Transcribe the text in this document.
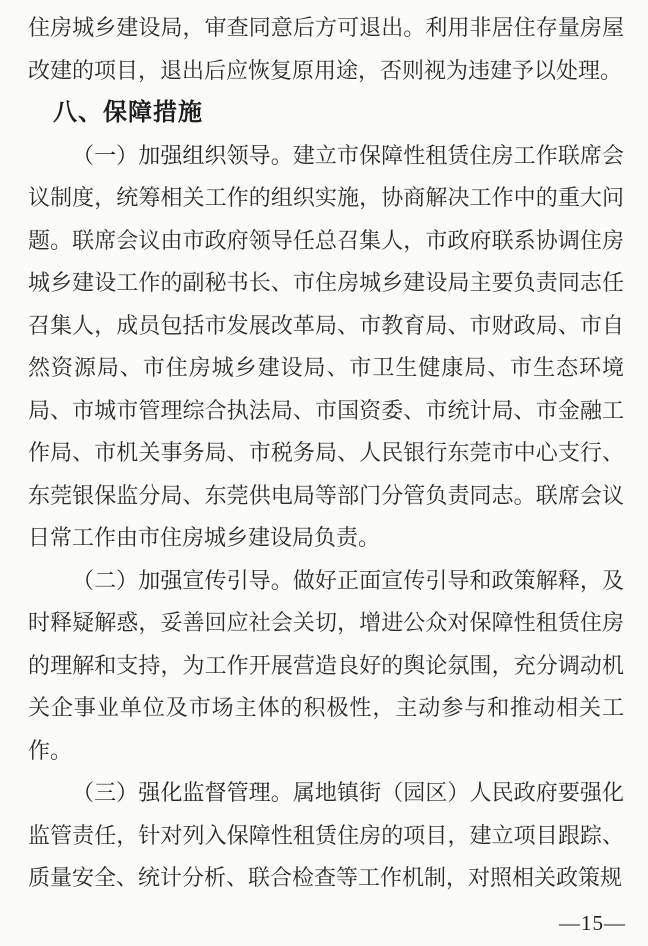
住房城乡建设局，审查同意后方可退出。利用非居住存量房屋改建的项目，退出后应恢复原用途，否则视为违建予以处理。

八、保障措施

（一）加强组织领导。建立市保障性租赁住房工作联席会议制度，统筹相关工作的组织实施，协商解决工作中的重大问题。联席会议由市政府领导任总召集人，市政府联系协调住房城乡建设工作的副秘书长、市住房城乡建设局主要负责同志任召集人，成员包括市发展改革局、市教育局、市财政局、市自然资源局、市住房城乡建设局、市卫生健康局、市生态环境局、市城市管理综合执法局、市国资委、市统计局、市金融工作局、市机关事务局、市税务局、人民银行东莞市中心支行、东莞银保监分局、东莞供电局等部门分管负责同志。联席会议日常工作由市住房城乡建设局负责。

（二）加强宣传引导。做好正面宣传引导和政策解释，及时释疑解惑，妥善回应社会关切，增进公众对保障性租赁住房的理解和支持，为工作开展营造良好的舆论氛围，充分调动机关企事业单位及市场主体的积极性，主动参与和推动相关工作。

（三）强化监督管理。属地镇街（园区）人民政府要强化监管责任，针对列入保障性租赁住房的项目，建立项目跟踪、质量安全、统计分析、联合检查等工作机制，对照相关政策规

—15—
